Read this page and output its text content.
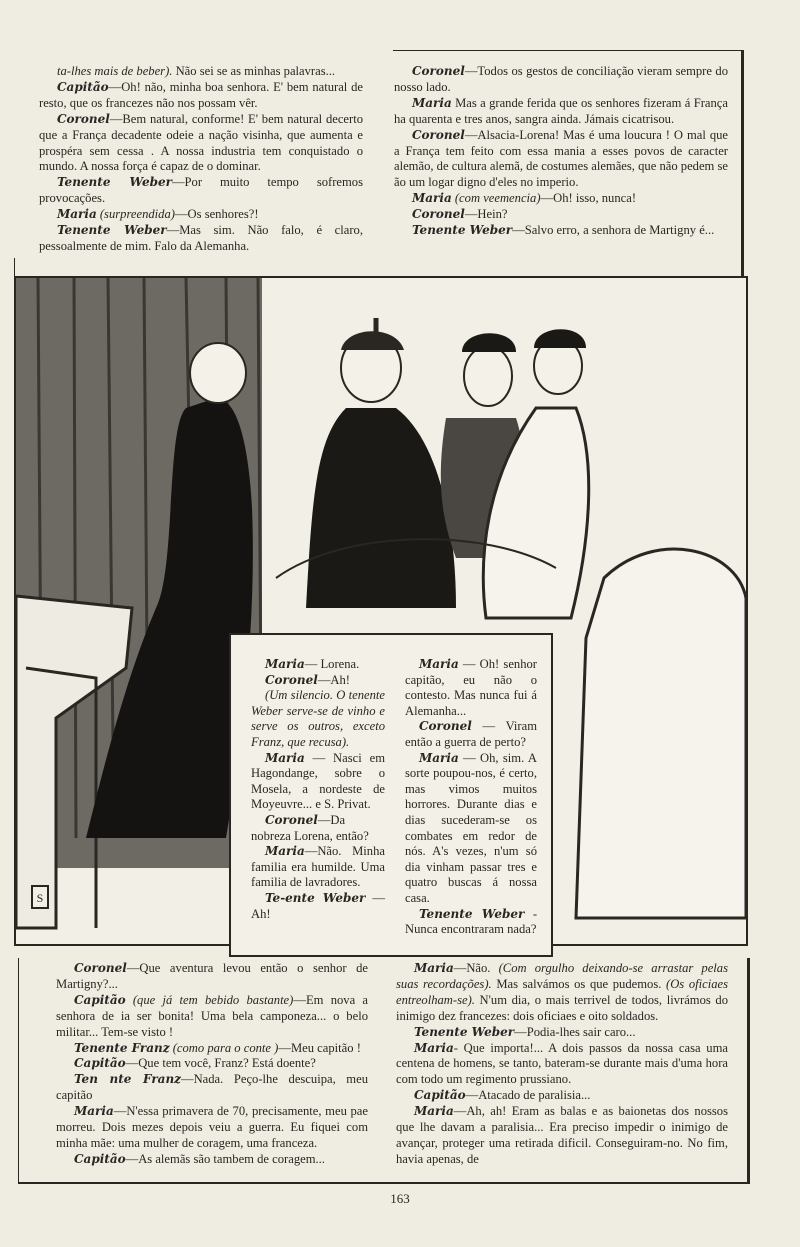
ta-lhes mais de beber). Não sei se as minhas palavras...

Capitão—Oh! não, minha boa senhora. E' bem natural de resto, que os francezes não nos possam vêr.

Coronel—Bem natural, conforme! E' bem natural decerto que a França decadente odeie a nação visinha, que aumenta e prospéra sem cessa . A nossa industria tem conquistado o mundo. A nossa força é capaz de o dominar.

Tenente Weber—Por muito tempo sofremos provocações.

Maria (surpreendida)—Os senhores?!

Tenente Weber—Mas sim. Não falo, é claro, pessoalmente de mim. Falo da Alemanha.

Coronel—Todos os gestos de conciliação vieram sempre do nosso lado.

Maria Mas a grande ferida que os senhores fizeram á França ha quarenta e tres anos, sangra ainda. Jámais cicatrisou.

Coronel—Alsacia-Lorena! Mas é uma loucura ! O mal que a França tem feito com essa mania a esses povos de caracter alemão, de cultura alemã, de costumes alemães, que não pedem se ão um logar digno d'eles no imperio.

Maria (com veemencia)—Oh! isso, nunca!

Coronel—Hein?

Tenente Weber—Salvo erro, a senhora de Martigny é...

S

Maria— Lorena.

Coronel—Ah!

(Um silencio. O tenente Weber serve-se de vinho e serve os outros, exceto Franz, que recusa).

Maria — Nasci em Hagondange, sobre o Mosela, a nordeste de Moyeuvre... e S. Privat.

Coronel—Da nobreza Lorena, então?

Maria—Não. Minha familia era humilde. Uma familia de lavradores.

Te-ente Weber —Ah!

Maria — Oh! senhor capitão, eu não o contesto. Mas nunca fui á Alemanha...

Coronel — Viram então a guerra de perto?

Maria — Oh, sim. A sorte poupou-nos, é certo, mas vimos muitos horrores. Durante dias e dias sucederam-se os combates em redor de nós. A's vezes, n'um só dia vinham passar tres e quatro buscas á nossa casa.

Tenente Weber - Nunca encontraram nada?

Coronel—Que aventura levou então o senhor de Martigny?...

Capitão (que já tem bebido bastante)—Em nova a senhora de ia ser bonita! Uma bela camponeza... o belo militar... Tem-se visto !

Tenente Franz (como para o conte )—Meu capitão !

Capitão—Que tem você, Franz? Está doente?

Ten nte Franz—Nada. Peço-lhe descuipa, meu capitão

Maria—N'essa primavera de 70, precisamente, meu pae morreu. Dois mezes depois veiu a guerra. Eu fiquei com minha mãe: uma mulher de coragem, uma franceza.

Capitão—As alemãs são tambem de coragem...

Maria—Não. (Com orgulho deixando-se arrastar pelas suas recordações). Mas salvámos os que pudemos. (Os oficiaes entreolham-se). N'um dia, o mais terrivel de todos, livrámos do inimigo dez francezes: dois oficiaes e oito soldados.

Tenente Weber—Podia-lhes sair caro...

Maria- Que importa!... A dois passos da nossa casa uma centena de homens, se tanto, bateram-se durante mais d'uma hora com todo um regimento prussiano.

Capitão—Atacado de paralisia...

Maria—Ah, ah! Eram as balas e as baionetas dos nossos que lhe davam a paralisia... Era preciso impedir o inimigo de avançar, proteger uma retirada dificil. Conseguiram-no. No fim, havia apenas, de

163
